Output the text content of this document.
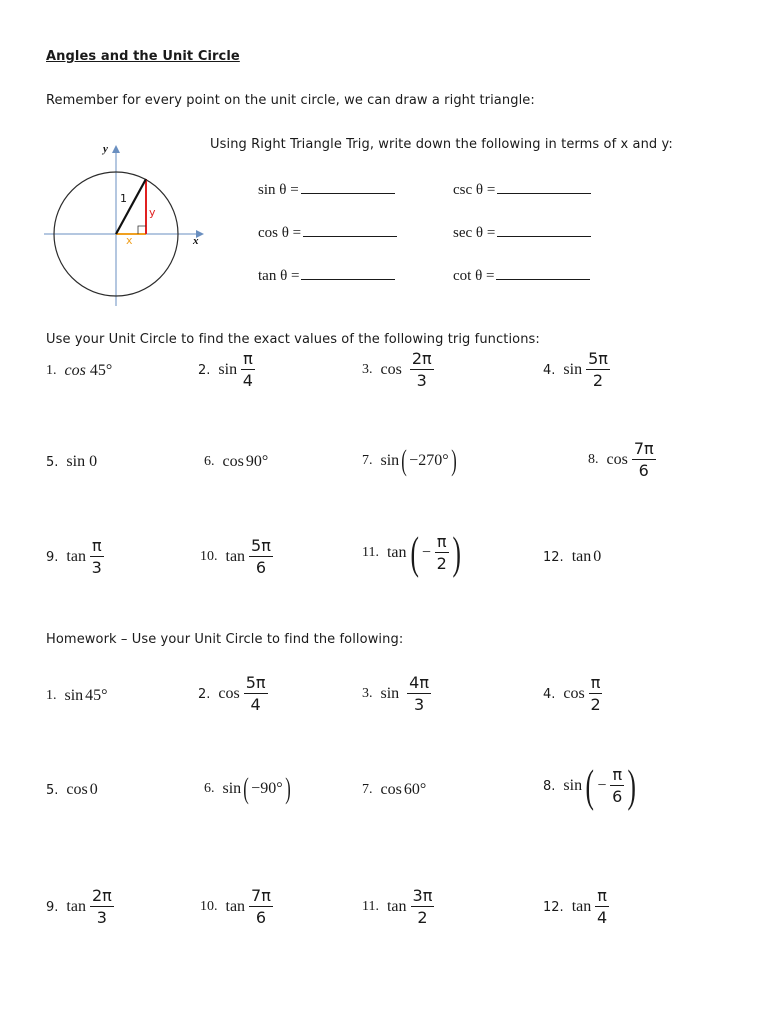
Angles and the Unit Circle
Remember for every point on the unit circle, we can draw a right triangle:
y
x
1
y
x
Using Right Triangle Trig, write down the following in terms of x and y:
sin θ =	csc θ =
cos θ =	sec θ =
tan θ =	cot θ =
Use your Unit Circle to find the exact values of the following trig functions:
1. cos 45°	2. $\sin \frac{\pi}{4}$	3. $\cos \frac{2\pi}{3}$	4. $\sin \frac{5\pi}{2}$
5. sin 0	6. cos 90°	7. sin ( −270° )	8. $\cos \frac{7\pi}{6}$
9. $\tan \frac{\pi}{3}$	10. $\tan \frac{5\pi}{6}$	11. tan ( − $\frac{\pi}{2}$ )	12. tan 0
Homework – Use your Unit Circle to find the following:
1. sin 45°	2. $\cos \frac{5\pi}{4}$	3. $\sin \frac{4\pi}{3}$	4. $\cos \frac{\pi}{2}$
5. cos 0	6. sin ( −90° )	7. cos 60°	8. sin ( − $\frac{\pi}{6}$ )
9. $\tan \frac{2\pi}{3}$	10. $\tan \frac{7\pi}{6}$	11. $\tan \frac{3\pi}{2}$	12. $\tan \frac{\pi}{4}$
